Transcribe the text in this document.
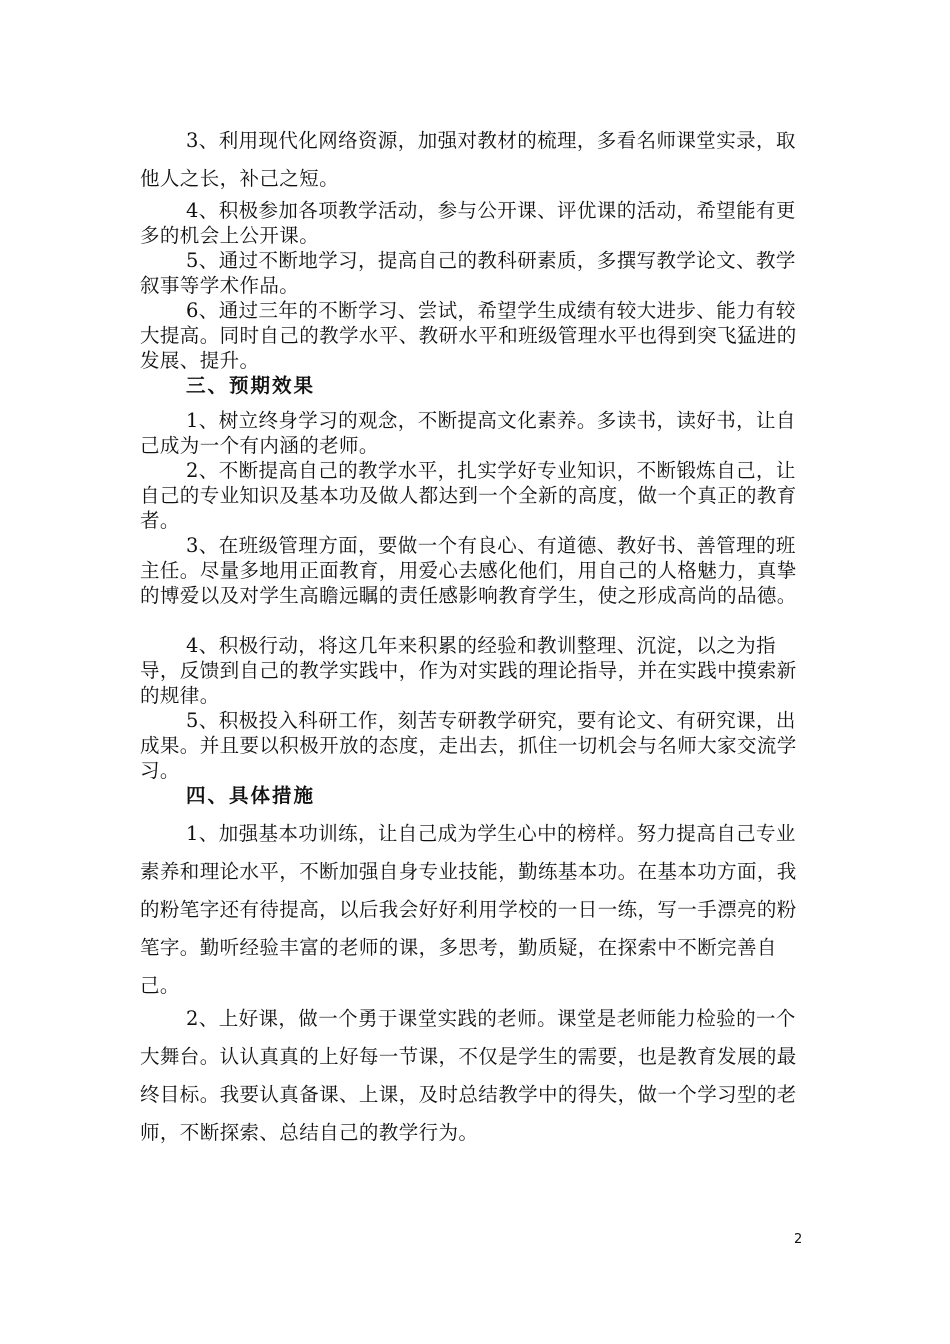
3、利用现代化网络资源，加强对教材的梳理，多看名师课堂实录，取他人之长，补己之短。

4、积极参加各项教学活动，参与公开课、评优课的活动，希望能有更多的机会上公开课。

5、通过不断地学习，提高自己的教科研素质，多撰写教学论文、教学叙事等学术作品。

6、通过三年的不断学习、尝试，希望学生成绩有较大进步、能力有较大提高。同时自己的教学水平、教研水平和班级管理水平也得到突飞猛进的发展、提升。

三、预期效果

1、树立终身学习的观念，不断提高文化素养。多读书，读好书，让自己成为一个有内涵的老师。

2、不断提高自己的教学水平，扎实学好专业知识，不断锻炼自己，让自己的专业知识及基本功及做人都达到一个全新的高度，做一个真正的教育者。

3、在班级管理方面，要做一个有良心、有道德、教好书、善管理的班主任。尽量多地用正面教育，用爱心去感化他们，用自己的人格魅力，真挚的博爱以及对学生高瞻远瞩的责任感影响教育学生，使之形成高尚的品德。

4、积极行动，将这几年来积累的经验和教训整理、沉淀，以之为指导，反馈到自己的教学实践中，作为对实践的理论指导，并在实践中摸索新的规律。

5、积极投入科研工作，刻苦专研教学研究，要有论文、有研究课，出成果。并且要以积极开放的态度，走出去，抓住一切机会与名师大家交流学习。

四、具体措施

1、加强基本功训练，让自己成为学生心中的榜样。努力提高自己专业素养和理论水平，不断加强自身专业技能，勤练基本功。在基本功方面，我的粉笔字还有待提高，以后我会好好利用学校的一日一练，写一手漂亮的粉笔字。勤听经验丰富的老师的课，多思考，勤质疑，在探索中不断完善自己。

2、上好课，做一个勇于课堂实践的老师。课堂是老师能力检验的一个大舞台。认认真真的上好每一节课，不仅是学生的需要，也是教育发展的最终目标。我要认真备课、上课，及时总结教学中的得失，做一个学习型的老师，不断探索、总结自己的教学行为。

2
